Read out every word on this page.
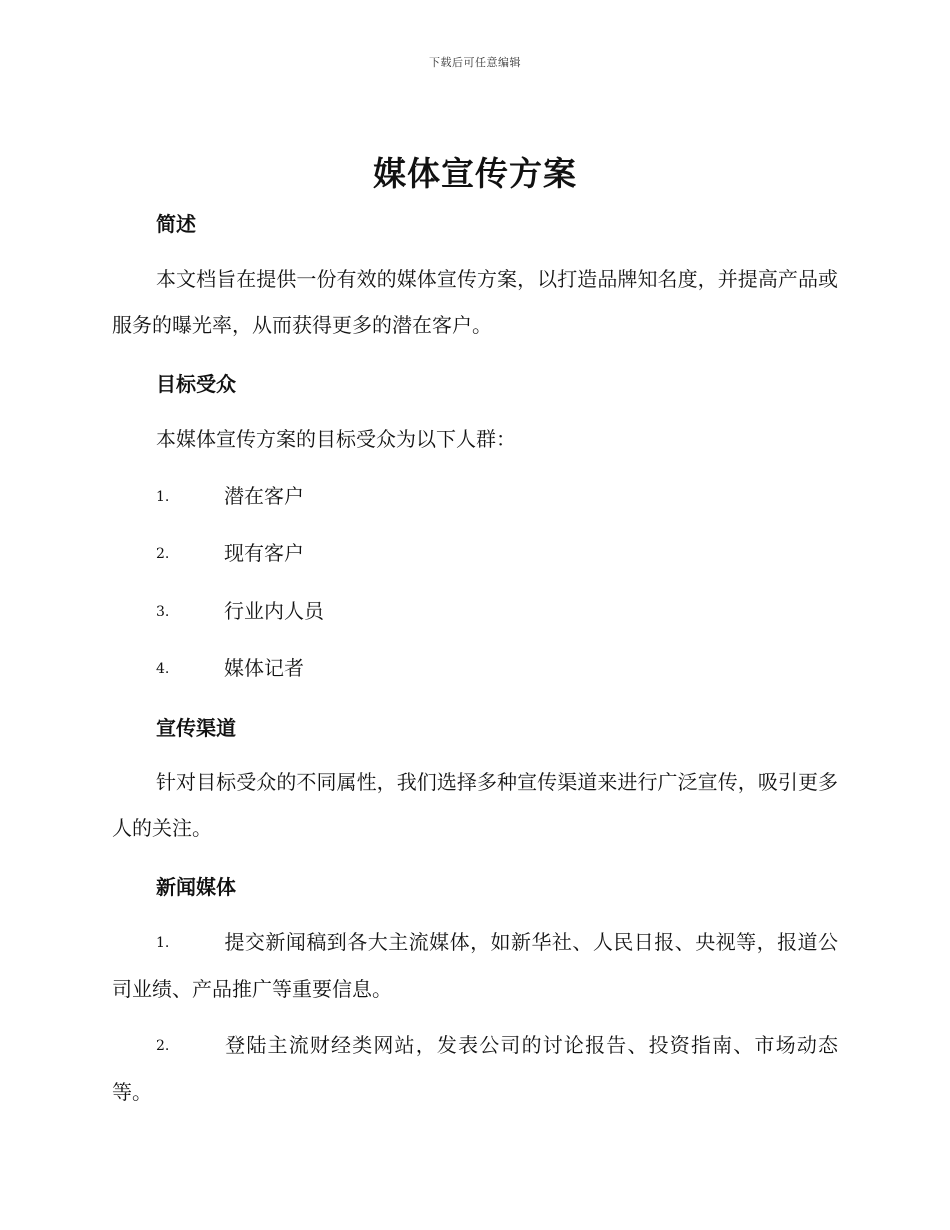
下载后可任意编辑
媒体宣传方案
简述
本文档旨在提供一份有效的媒体宣传方案，以打造品牌知名度，并提高产品或服务的曝光率，从而获得更多的潜在客户。
目标受众
本媒体宣传方案的目标受众为以下人群：
1.	潜在客户
2.	现有客户
3.	行业内人员
4.	媒体记者
宣传渠道
针对目标受众的不同属性，我们选择多种宣传渠道来进行广泛宣传，吸引更多人的关注。
新闻媒体
1.	提交新闻稿到各大主流媒体，如新华社、人民日报、央视等，报道公司业绩、产品推广等重要信息。
2.	登陆主流财经类网站，发表公司的讨论报告、投资指南、市场动态等。
